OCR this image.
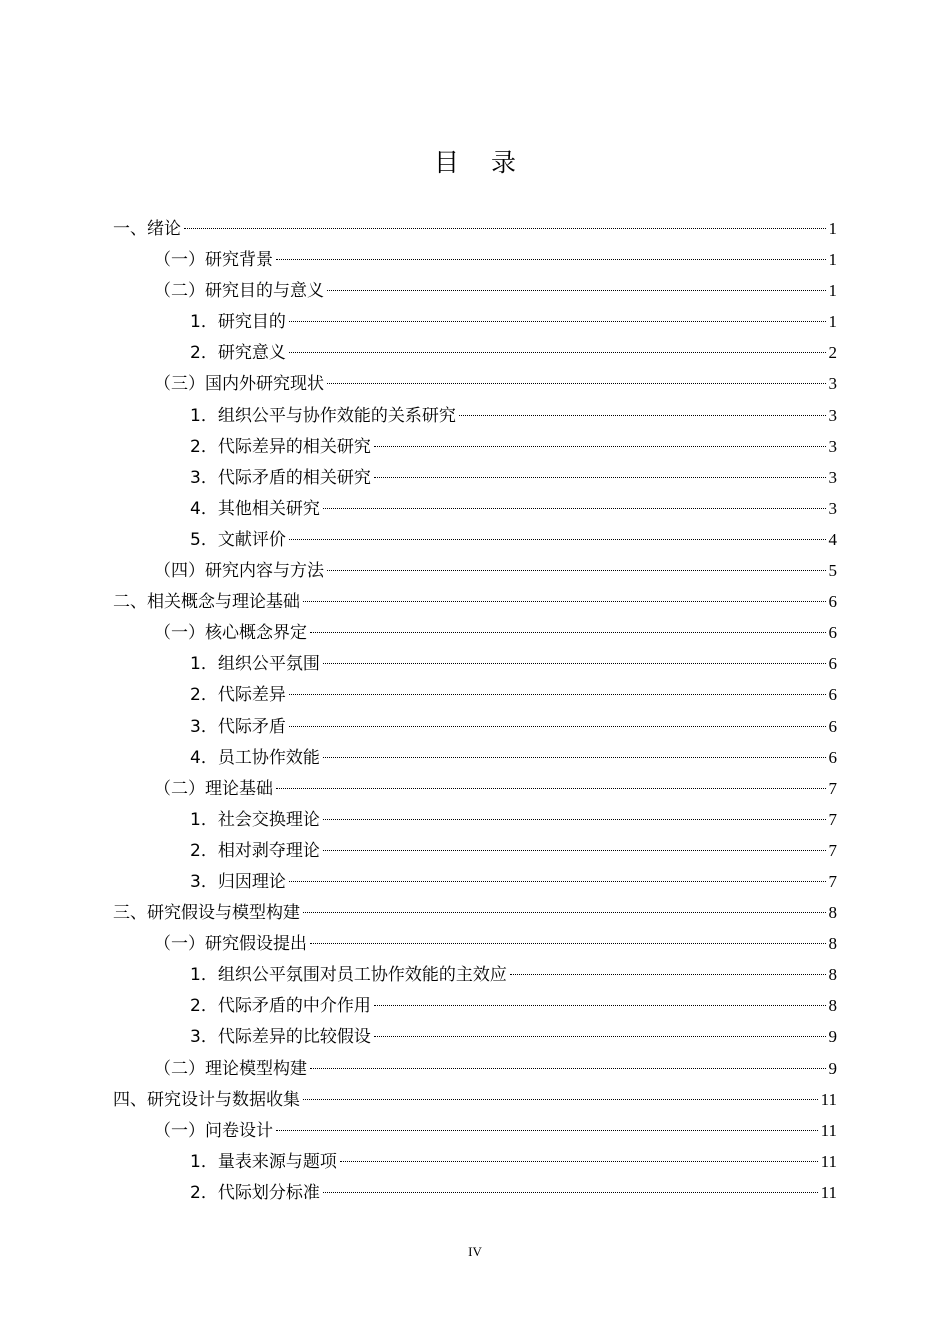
目 录
一、绪论	1
（一）研究背景	1
（二）研究目的与意义	1
1．研究目的	1
2．研究意义	2
（三）国内外研究现状	3
1．组织公平与协作效能的关系研究	3
2．代际差异的相关研究	3
3．代际矛盾的相关研究	3
4．其他相关研究	3
5．文献评价	4
（四）研究内容与方法	5
二、相关概念与理论基础	6
（一）核心概念界定	6
1．组织公平氛围	6
2．代际差异	6
3．代际矛盾	6
4．员工协作效能	6
（二）理论基础	7
1．社会交换理论	7
2．相对剥夺理论	7
3．归因理论	7
三、研究假设与模型构建	8
（一）研究假设提出	8
1．组织公平氛围对员工协作效能的主效应	8
2．代际矛盾的中介作用	8
3．代际差异的比较假设	9
（二）理论模型构建	9
四、研究设计与数据收集	11
（一）问卷设计	11
1．量表来源与题项	11
2．代际划分标准	11
IV
